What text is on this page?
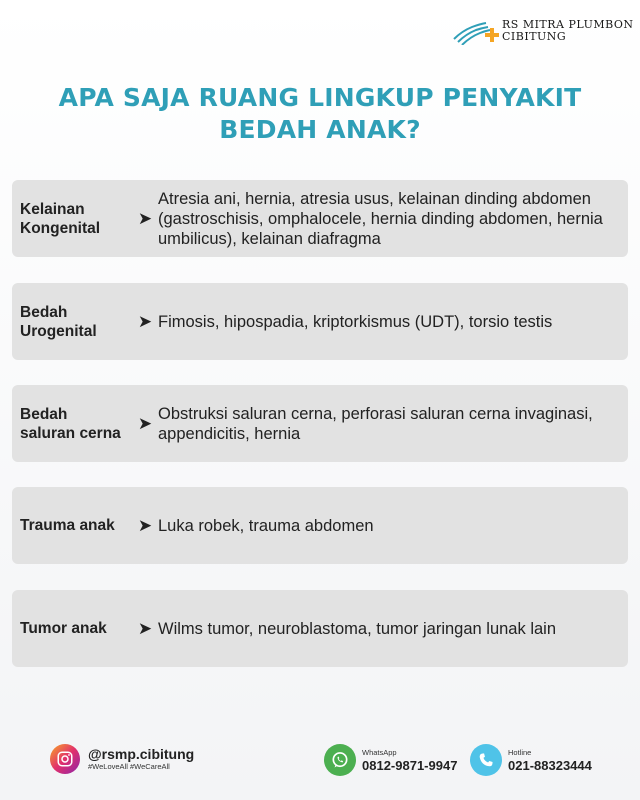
RS MITRA PLUMBON
CIBITUNG
APA SAJA RUANG LINGKUP PENYAKIT
BEDAH ANAK?
Kelainan
Kongenital
➤
Atresia ani, hernia, atresia usus, kelainan dinding abdomen (gastroschisis, omphalocele, hernia dinding abdomen, hernia umbilicus), kelainan diafragma
Bedah
Urogenital
➤ Fimosis, hipospadia, kriptorkismus (UDT), torsio testis
Bedah
saluran cerna
➤ Obstruksi saluran cerna, perforasi saluran cerna invaginasi, appendicitis, hernia
Trauma anak	➤ Luka robek, trauma abdomen
Tumor anak	➤ Wilms tumor, neuroblastoma, tumor jaringan lunak lain
@rsmp.cibitung
#WeLoveAll #WeCareAll
WhatsApp
0812-9871-9947
Hotline
021-88323444
